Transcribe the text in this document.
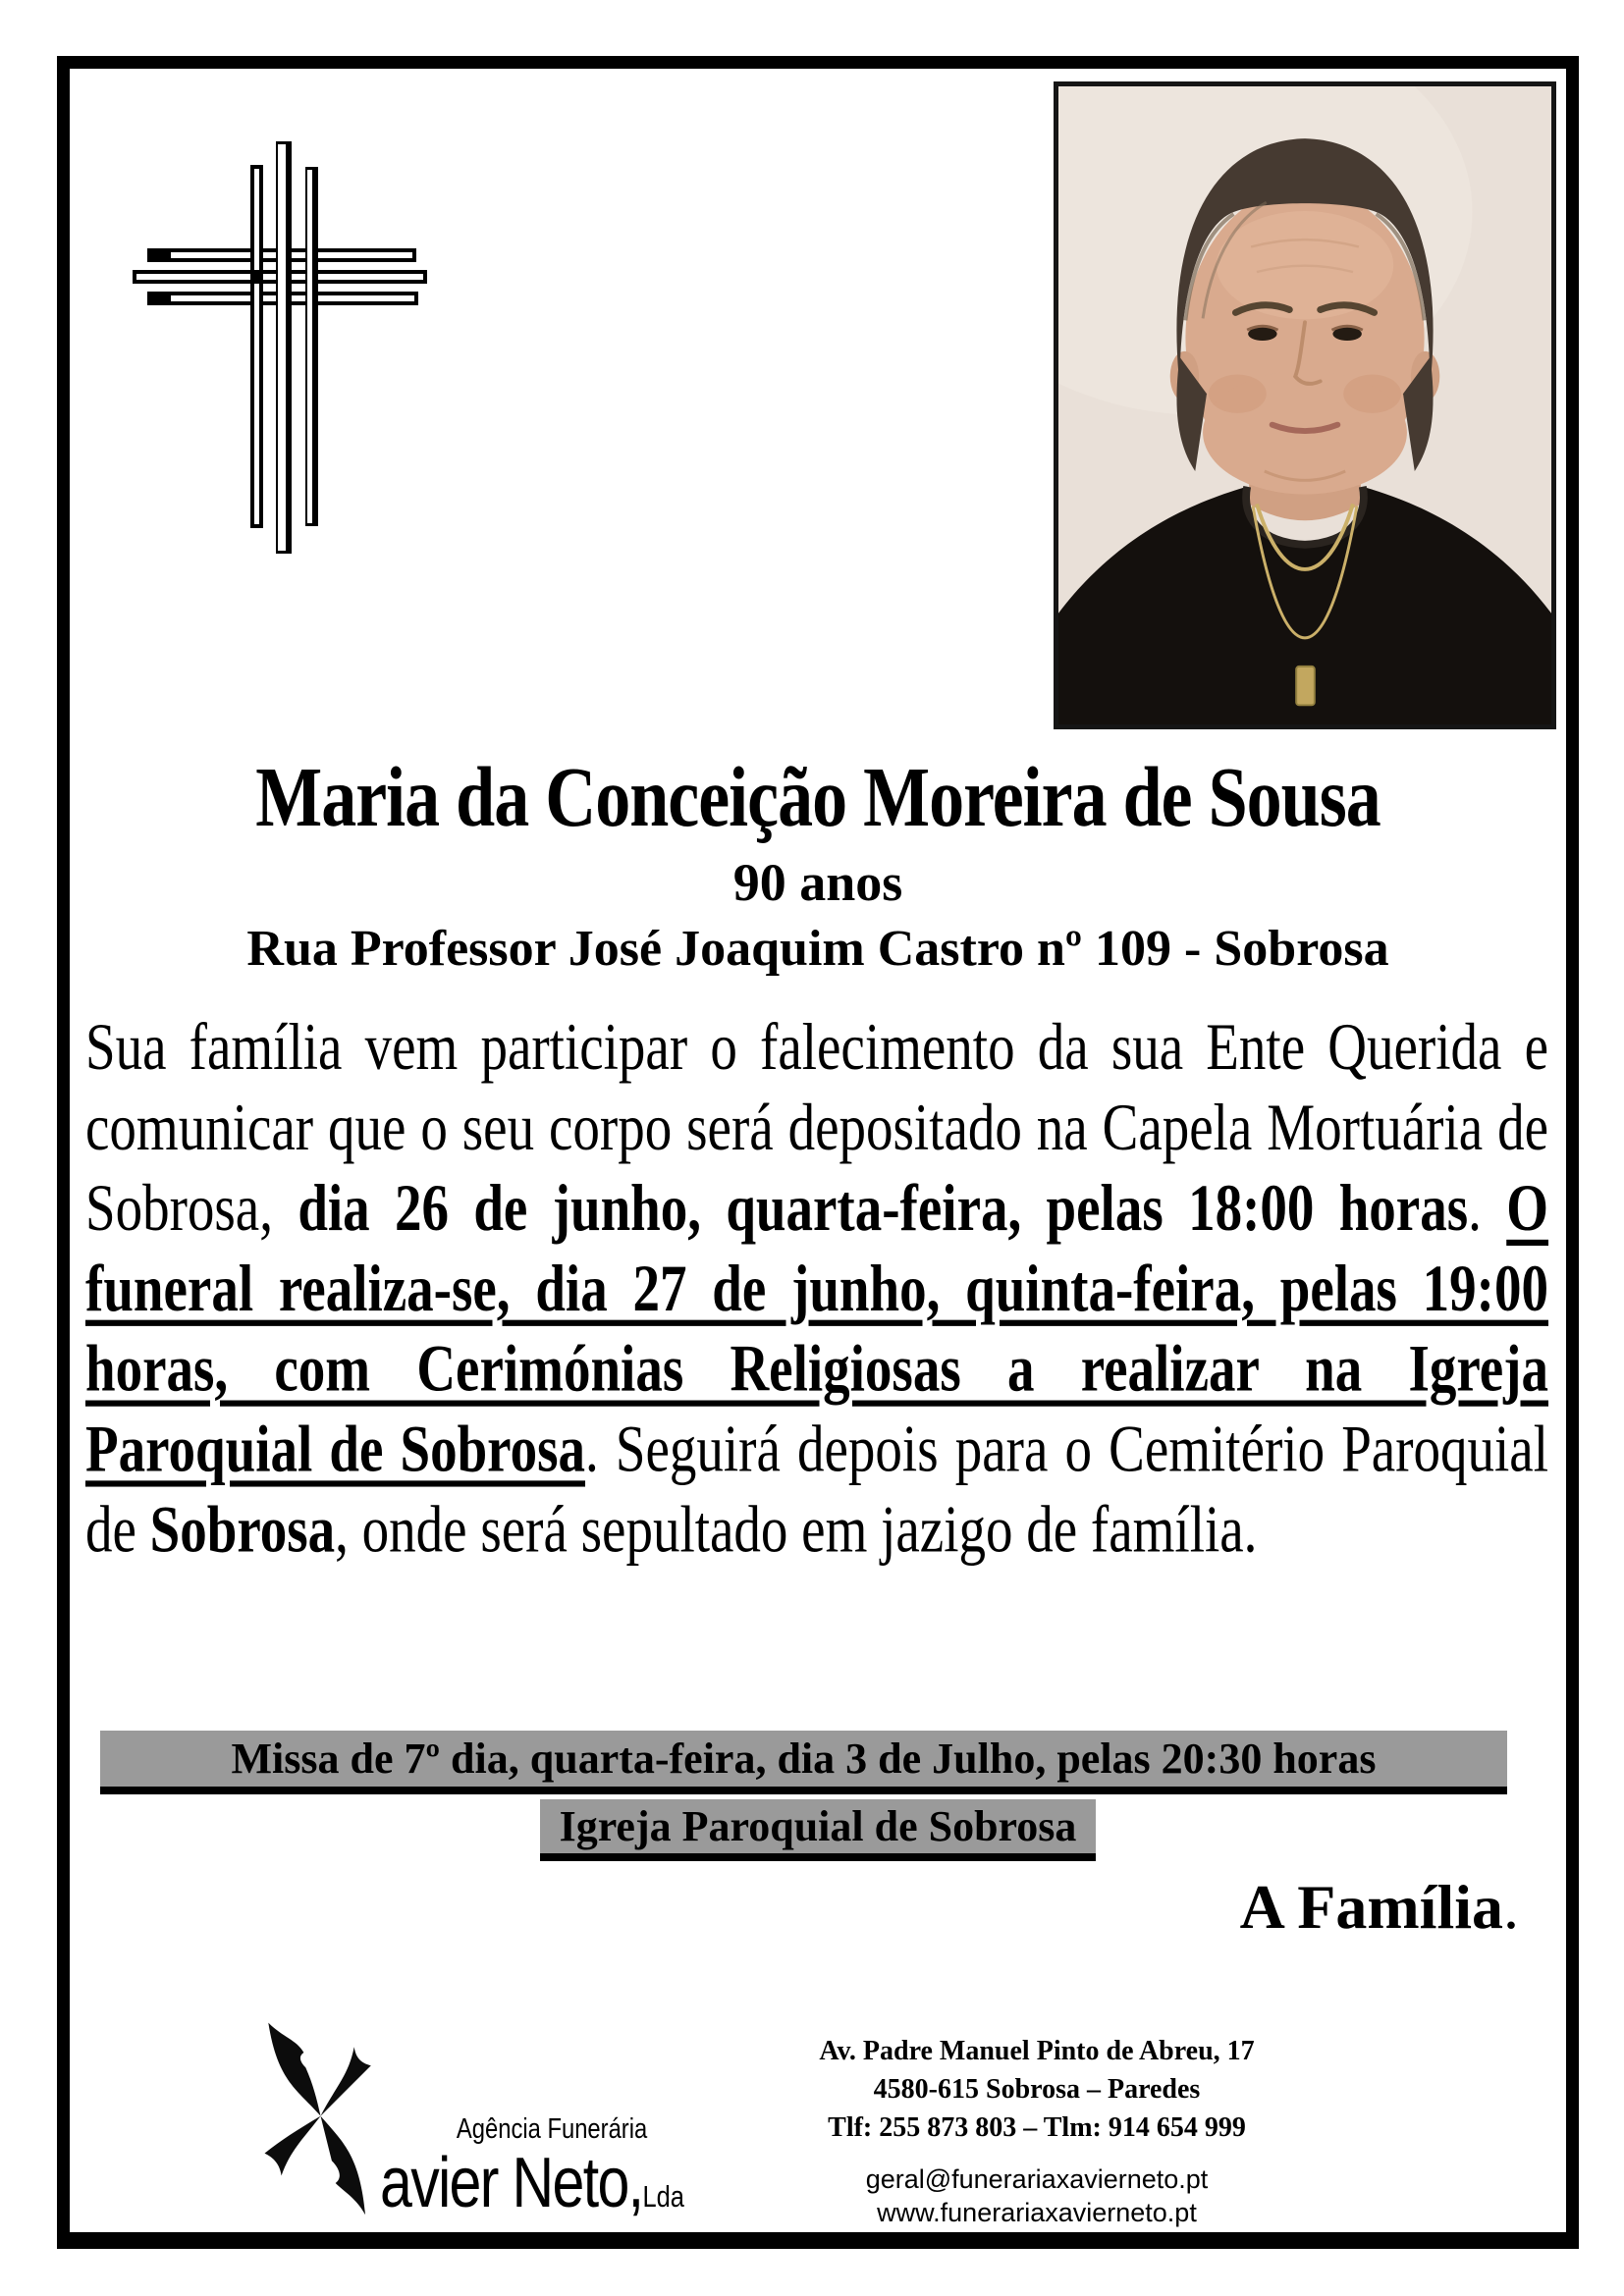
Maria da Conceição Moreira de Sousa
90 anos
Rua Professor José Joaquim Castro nº 109 - Sobrosa
Sua família vem participar o falecimento da sua Ente Querida e comunicar que o seu corpo será depositado na Capela Mortuária de Sobrosa, dia 26 de junho, quarta-feira, pelas 18:00 horas. O funeral realiza-se, dia 27 de junho, quinta-feira, pelas 19:00 horas, com Cerimónias Religiosas a realizar na Igreja Paroquial de Sobrosa. Seguirá depois para o Cemitério Paroquial de Sobrosa, onde será sepultado em jazigo de família.
Missa de 7º dia, quarta-feira, dia 3 de Julho, pelas 20:30 horas
Igreja Paroquial de Sobrosa
A Família.
Agência Funerária
avier Neto,Lda
Av. Padre Manuel Pinto de Abreu, 17
4580-615 Sobrosa – Paredes
Tlf: 255 873 803 – Tlm: 914 654 999
geral@funerariaxavierneto.pt
www.funerariaxavierneto.pt
